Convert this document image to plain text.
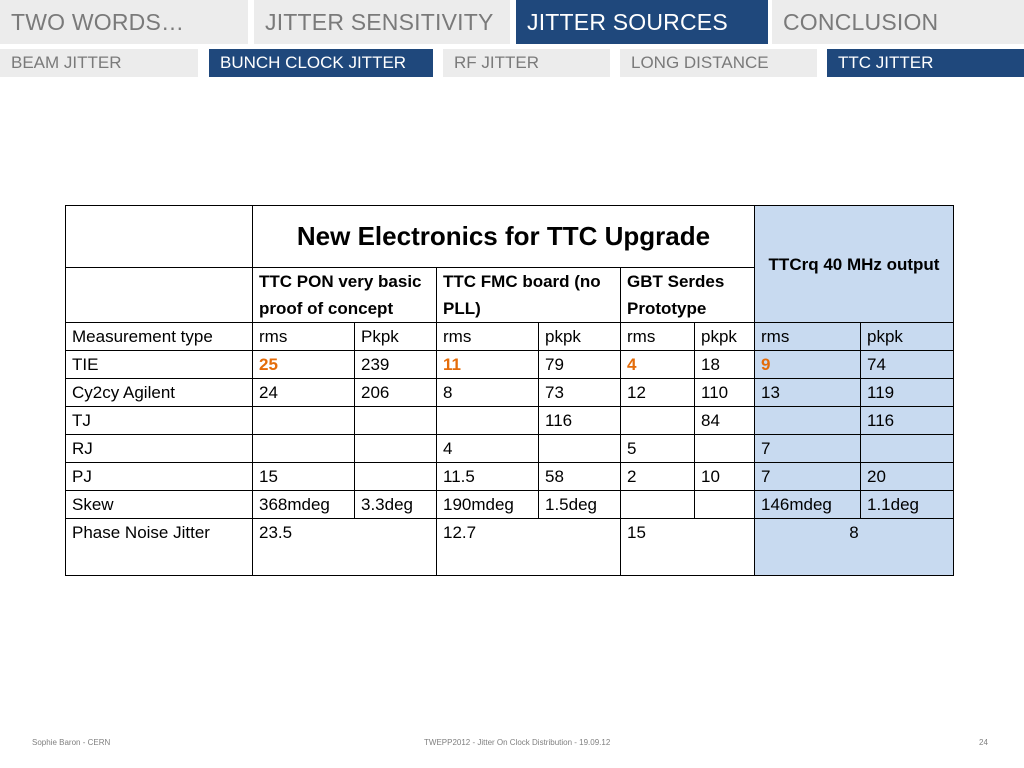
TWO WORDS…	JITTER SENSITIVITY	JITTER SOURCES	CONCLUSION
BEAM JITTER	BUNCH CLOCK JITTER	RF JITTER	LONG DISTANCE	TTC JITTER
	New Electronics for TTC Upgrade						TTCrq 40 MHz output	
	TTC PON very basic proof of concept		TTC FMC board (no PLL)		GBT Serdes Prototype			
Measurement type	rms	Pkpk	rms	pkpk	rms	pkpk	rms	pkpk
TIE	25	239	11	79	4	18	9	74
Cy2cy Agilent	24	206	8	73	12	110	13	119
TJ				116		84		116
RJ			4		5		7	
PJ	15		11.5	58	2	10	7	20
Skew	368mdeg	3.3deg	190mdeg	1.5deg			146mdeg	1.1deg
Phase Noise Jitter	23.5		12.7		15		8	
Sophie Baron - CERN	TWEPP2012 - Jitter On Clock Distribution - 19.09.12	24
